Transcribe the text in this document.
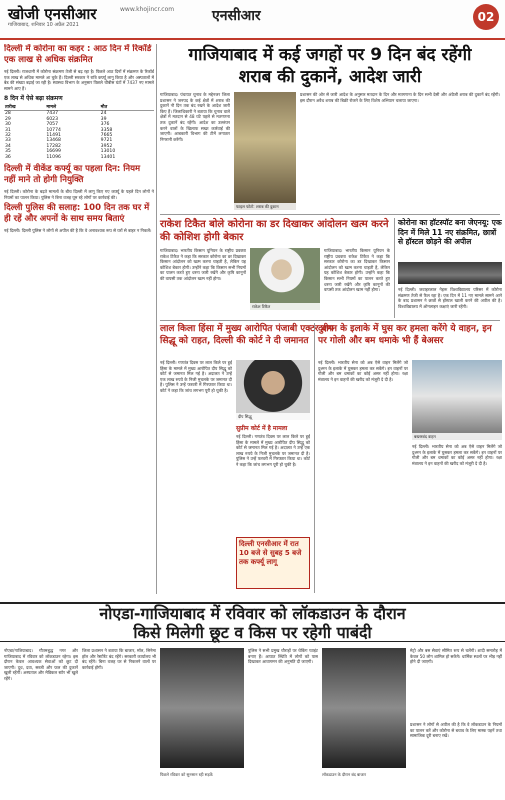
खोजी एनसीआर
गाजियाबाद, शनिवार 10 अप्रैल 2021
www.khojincr.com	एनसीआर	02
दिल्ली में कोरोना का कहर : आठ दिन में रिकॉर्ड एक लाख से अधिक संक्रमित
नई दिल्ली। राजधानी में कोरोना संक्रमण तेजी से बढ़ रहा है। पिछले आठ दिनों में संक्रमण के रिकॉर्ड एक लाख से अधिक मामले आ चुके हैं। दिल्ली सरकार ने रात्रि कर्फ्यू लागू किया है और अस्पतालों में बेड की संख्या बढ़ाई जा रही है। स्वास्थ्य विभाग के अनुसार पिछले चौबीस घंटों में 7437 नए मामले सामने आए हैं।
8 दिन में ऐसे बढ़ा संक्रमण
तारीख	मामले	मौत
28	7437	24
29	6023	39
30	7057	376
31	10774	3358
32	11491	7665
33	13468	9721
34	17282	3952
35	16699	13010
36	11096	13401
दिल्ली में वीकेंड कर्फ्यू का पहला दिन: नियम नहीं माने तो होगी नियुक्ति
नई दिल्ली। कोरोना के बढ़ते मामलों के बीच दिल्ली में लागू किए गए कर्फ्यू के पहले दिन लोगों ने नियमों का पालन किया। पुलिस ने बिना वजह घूम रहे लोगों पर कार्रवाई की।
दिल्ली पुलिस की सलाह: 100 दिन तक घर में ही रहें और अपनों के साथ समय बिताएं
नई दिल्ली। दिल्ली पुलिस ने लोगों से अपील की है कि वे अनावश्यक रूप से घरों से बाहर न निकलें।
गाजियाबाद में कई जगहों पर 9 दिन बंद रहेंगी
शराब की दुकानें, आदेश जारी
गाजियाबाद। पंचायत चुनाव के मद्देनजर जिला प्रशासन ने जनपद के कई क्षेत्रों में शराब की दुकानें नौ दिन तक बंद रखने के आदेश जारी किए हैं। जिलाधिकारी ने बताया कि चुनाव वाले क्षेत्रों में मतदान से 48 घंटे पहले से मतगणना तक दुकानें बंद रहेंगी। आदेश का उल्लंघन करने वालों के खिलाफ सख्त कार्रवाई की जाएगी। आबकारी विभाग की टीमें लगातार निगरानी करेंगी।
फाइल फोटो: शराब की दुकान
प्रशासन की ओर से जारी आदेश के अनुसार मतदान के दिन और मतगणना के दिन सभी देसी और अंग्रेजी शराब की दुकानें बंद रहेंगी। इस दौरान अवैध शराब की बिक्री रोकने के लिए विशेष अभियान चलाया जाएगा।
राकेश टिकैत बोले कोरोना का डर दिखाकर आंदोलन खत्म करने की कोशिश होगी बेकार
राकेश टिकैत
गाजियाबाद। भारतीय किसान यूनियन के राष्ट्रीय प्रवक्ता राकेश टिकैत ने कहा कि सरकार कोरोना का डर दिखाकर किसान आंदोलन को खत्म करना चाहती है, लेकिन यह कोशिश बेकार होगी। उन्होंने कहा कि किसान सभी नियमों का पालन करते हुए धरना जारी रखेंगे और कृषि कानूनों की वापसी तक आंदोलन खत्म नहीं होगा।
गाजियाबाद। भारतीय किसान यूनियन के राष्ट्रीय प्रवक्ता राकेश टिकैत ने कहा कि सरकार कोरोना का डर दिखाकर किसान आंदोलन को खत्म करना चाहती है, लेकिन यह कोशिश बेकार होगी। उन्होंने कहा कि किसान सभी नियमों का पालन करते हुए धरना जारी रखेंगे और कृषि कानूनों की वापसी तक आंदोलन खत्म नहीं होगा।
कोरोना का हॉटस्पॉट बना जेएनयू: एक दिन में मिले 11 नए संक्रमित, छात्रों से हॉस्टल छोड़ने की अपील
नई दिल्ली। जवाहरलाल नेहरू विश्वविद्यालय परिसर में कोरोना संक्रमण तेजी से फैल रहा है। एक दिन में 11 नए मामले सामने आने के बाद प्रशासन ने छात्रों से हॉस्टल खाली करने की अपील की है। विश्वविद्यालय में ऑनलाइन कक्षाएं जारी रहेंगी।
लाल किला हिंसा में मुख्य आरोपित पंजाबी एक्टर दीप सिद्धू को राहत, दिल्ली की कोर्ट ने दी जमानत
नई दिल्ली। गणतंत्र दिवस पर लाल किले पर हुई हिंसा के मामले में मुख्य आरोपित दीप सिद्धू को कोर्ट से जमानत मिल गई है। अदालत ने उन्हें एक लाख रुपये के निजी मुचलके पर जमानत दी है। पुलिस ने उन्हें फरवरी में गिरफ्तार किया था। कोर्ट ने कहा कि जांच लगभग पूरी हो चुकी है।
दीप सिद्धू
सुप्रीम कोर्ट में है मामला
नई दिल्ली। गणतंत्र दिवस पर लाल किले पर हुई हिंसा के मामले में मुख्य आरोपित दीप सिद्धू को कोर्ट से जमानत मिल गई है। अदालत ने उन्हें एक लाख रुपये के निजी मुचलके पर जमानत दी है। पुलिस ने उन्हें फरवरी में गिरफ्तार किया था। कोर्ट ने कहा कि जांच लगभग पूरी हो चुकी है।
दिल्ली एनसीआर में रात 10 बजे से सुबह 5 बजे तक कर्फ्यू लागू
दुश्मन के इलाके में घुस कर हमला करेंगे ये वाहन, इन पर गोली और बम धमाके भी हैं बेअसर
नई दिल्ली। भारतीय सेना को अब ऐसे वाहन मिलेंगे जो दुश्मन के इलाके में घुसकर हमला कर सकेंगे। इन वाहनों पर गोली और बम धमाकों का कोई असर नहीं होगा। रक्षा मंत्रालय ने इन वाहनों की खरीद को मंजूरी दे दी है।
बख्तरबंद वाहन
नई दिल्ली। भारतीय सेना को अब ऐसे वाहन मिलेंगे जो दुश्मन के इलाके में घुसकर हमला कर सकेंगे। इन वाहनों पर गोली और बम धमाकों का कोई असर नहीं होगा। रक्षा मंत्रालय ने इन वाहनों की खरीद को मंजूरी दे दी है।
नोएडा-गाजियाबाद में रविवार को लॉकडाउन के दौरान
किसे मिलेगी छूट व किस पर रहेगी पाबंदी
नोएडा/गाजियाबाद। गौतमबुद्ध नगर और गाजियाबाद में रविवार को लॉकडाउन रहेगा। इस दौरान केवल आवश्यक सेवाओं को छूट दी जाएगी। दूध, दवा, सब्जी और फल की दुकानें खुली रहेंगी। अस्पताल और मेडिकल स्टोर भी खुले रहेंगे।
जिला प्रशासन ने बताया कि बाजार, मॉल, सिनेमा हॉल और रेस्टोरेंट बंद रहेंगे। सरकारी कार्यालय भी बंद रहेंगे। बिना वजह घर से निकलने वालों पर कार्रवाई होगी।
पिछले रविवार को सुनसान रही सड़कें
पुलिस ने सभी प्रमुख चौराहों पर चेकिंग प्वाइंट बनाए हैं। आपात स्थिति में लोगों को पास दिखाकर आवागमन की अनुमति दी जाएगी।
लॉकडाउन के दौरान बंद बाजार
मेट्रो और बस सेवाएं सीमित रूप से चलेंगी। शादी समारोह में केवल 50 लोग शामिल हो सकेंगे। धार्मिक स्थलों पर भीड़ नहीं होने दी जाएगी।
प्रशासन ने लोगों से अपील की है कि वे लॉकडाउन के नियमों का पालन करें और कोरोना से बचाव के लिए मास्क पहनें तथा सामाजिक दूरी बनाए रखें।
